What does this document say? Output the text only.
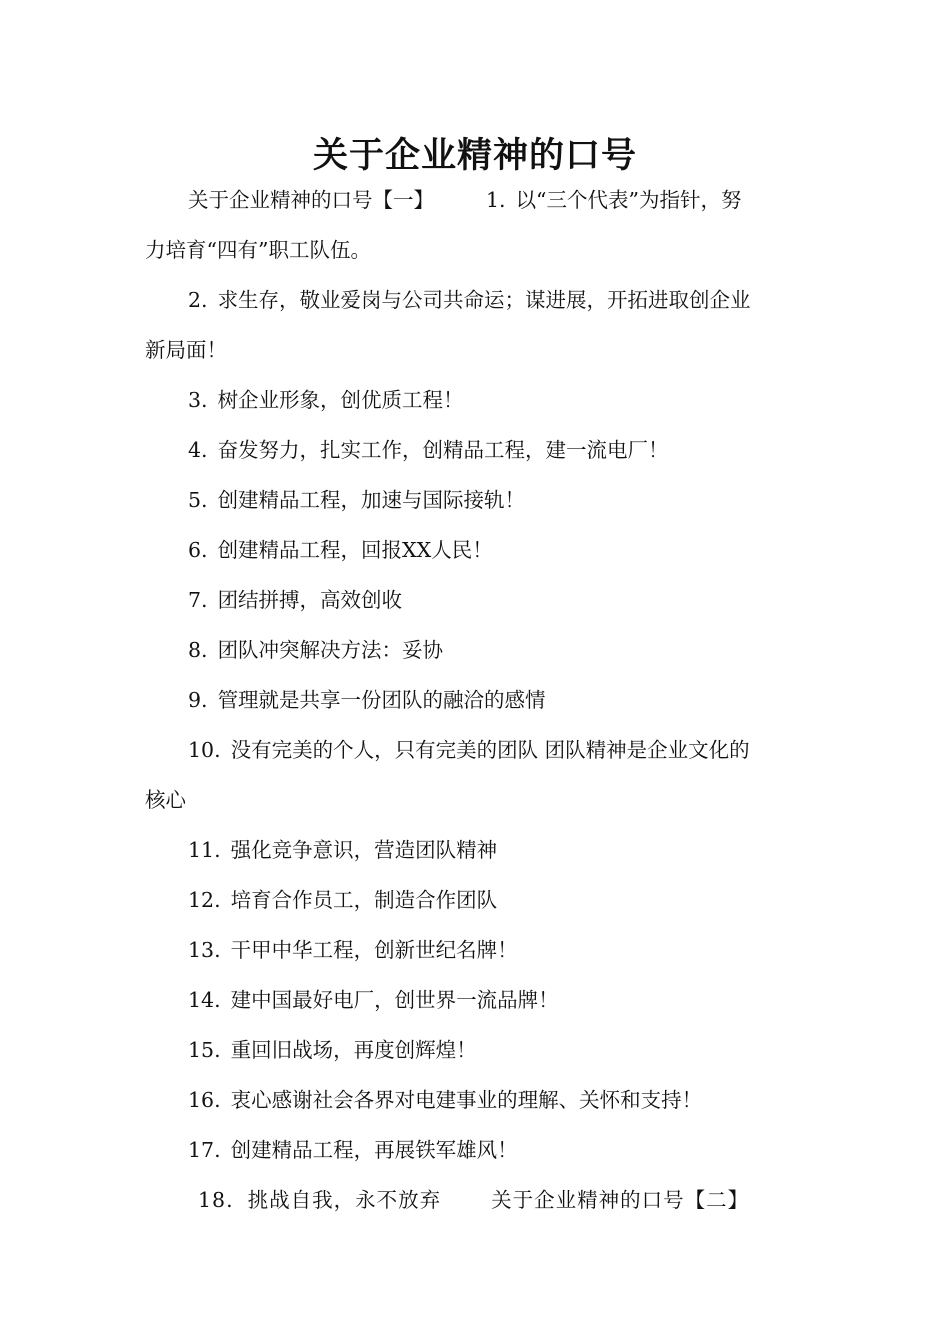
关于企业精神的口号
关于企业精神的口号【一】	1. 以“三个代表”为指针，努
力培育“四有”职工队伍。
2. 求生存，敬业爱岗与公司共命运；谋进展，开拓进取创企业
新局面！
3. 树企业形象，创优质工程！
4. 奋发努力，扎实工作，创精品工程，建一流电厂！
5. 创建精品工程，加速与国际接轨！
6. 创建精品工程，回报XX人民！
7. 团结拼搏，高效创收
8. 团队冲突解决方法：妥协
9. 管理就是共享一份团队的融洽的感情
10. 没有完美的个人，只有完美的团队 团队精神是企业文化的
核心
11. 强化竞争意识，营造团队精神
12. 培育合作员工，制造合作团队
13. 干甲中华工程，创新世纪名牌！
14. 建中国最好电厂，创世界一流品牌！
15. 重回旧战场，再度创辉煌！
16. 衷心感谢社会各界对电建事业的理解、关怀和支持！
17. 创建精品工程，再展铁军雄风！
18. 挑战自我，永不放弃 关于企业精神的口号【二】
